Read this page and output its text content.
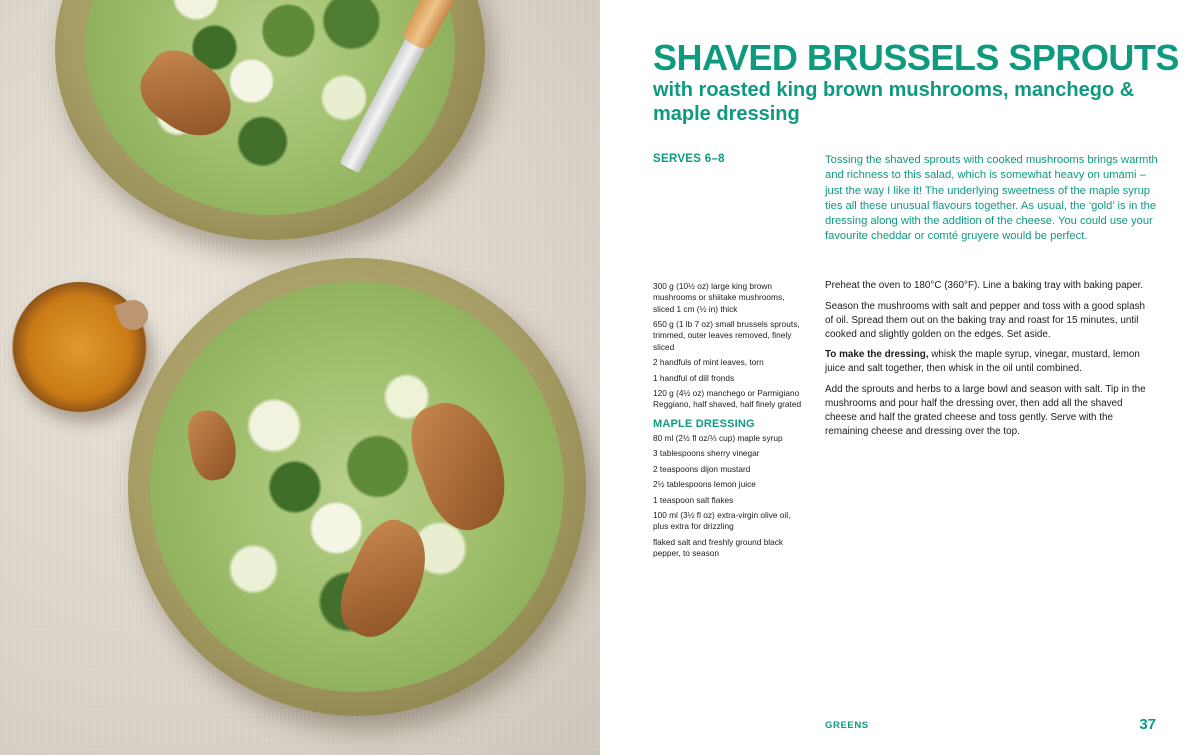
SHAVED BRUSSELS SPROUTS
with roasted king brown mushrooms, manchego & maple dressing
SERVES 6–8	Tossing the shaved sprouts with cooked mushrooms brings warmth and richness to this salad, which is somewhat heavy on umami – just the way I like it! The underlying sweetness of the maple syrup ties all these unusual flavours together. As usual, the ‘gold’ is in the dressing along with the addition of the cheese. You could use your favourite cheddar or comté gruyere would be perfect.

300 g (10½ oz) large king brown mushrooms or shiitake mushrooms, sliced 1 cm (½ in) thick

650 g (1 lb 7 oz) small brussels sprouts, trimmed, outer leaves removed, finely sliced

2 handfuls of mint leaves, torn

1 handful of dill fronds

120 g (4½ oz) manchego or Parmigiano Reggiano, half shaved, half finely grated

MAPLE DRESSING

80 ml (2½ fl oz/⅓ cup) maple syrup

3 tablespoons sherry vinegar

2 teaspoons dijon mustard

2½ tablespoons lemon juice

1 teaspoon salt flakes

100 ml (3½ fl oz) extra-virgin olive oil, plus extra for drizzling

flaked salt and freshly ground black pepper, to season

Preheat the oven to 180°C (360°F). Line a baking tray with baking paper.

Season the mushrooms with salt and pepper and toss with a good splash of oil. Spread them out on the baking tray and roast for 15 minutes, until cooked and slightly golden on the edges. Set aside.

To make the dressing, whisk the maple syrup, vinegar, mustard, lemon juice and salt together, then whisk in the oil until combined.

Add the sprouts and herbs to a large bowl and season with salt. Tip in the mushrooms and pour half the dressing over, then add all the shaved cheese and half the grated cheese and toss gently. Serve with the remaining cheese and dressing over the top.

GREENS	37
